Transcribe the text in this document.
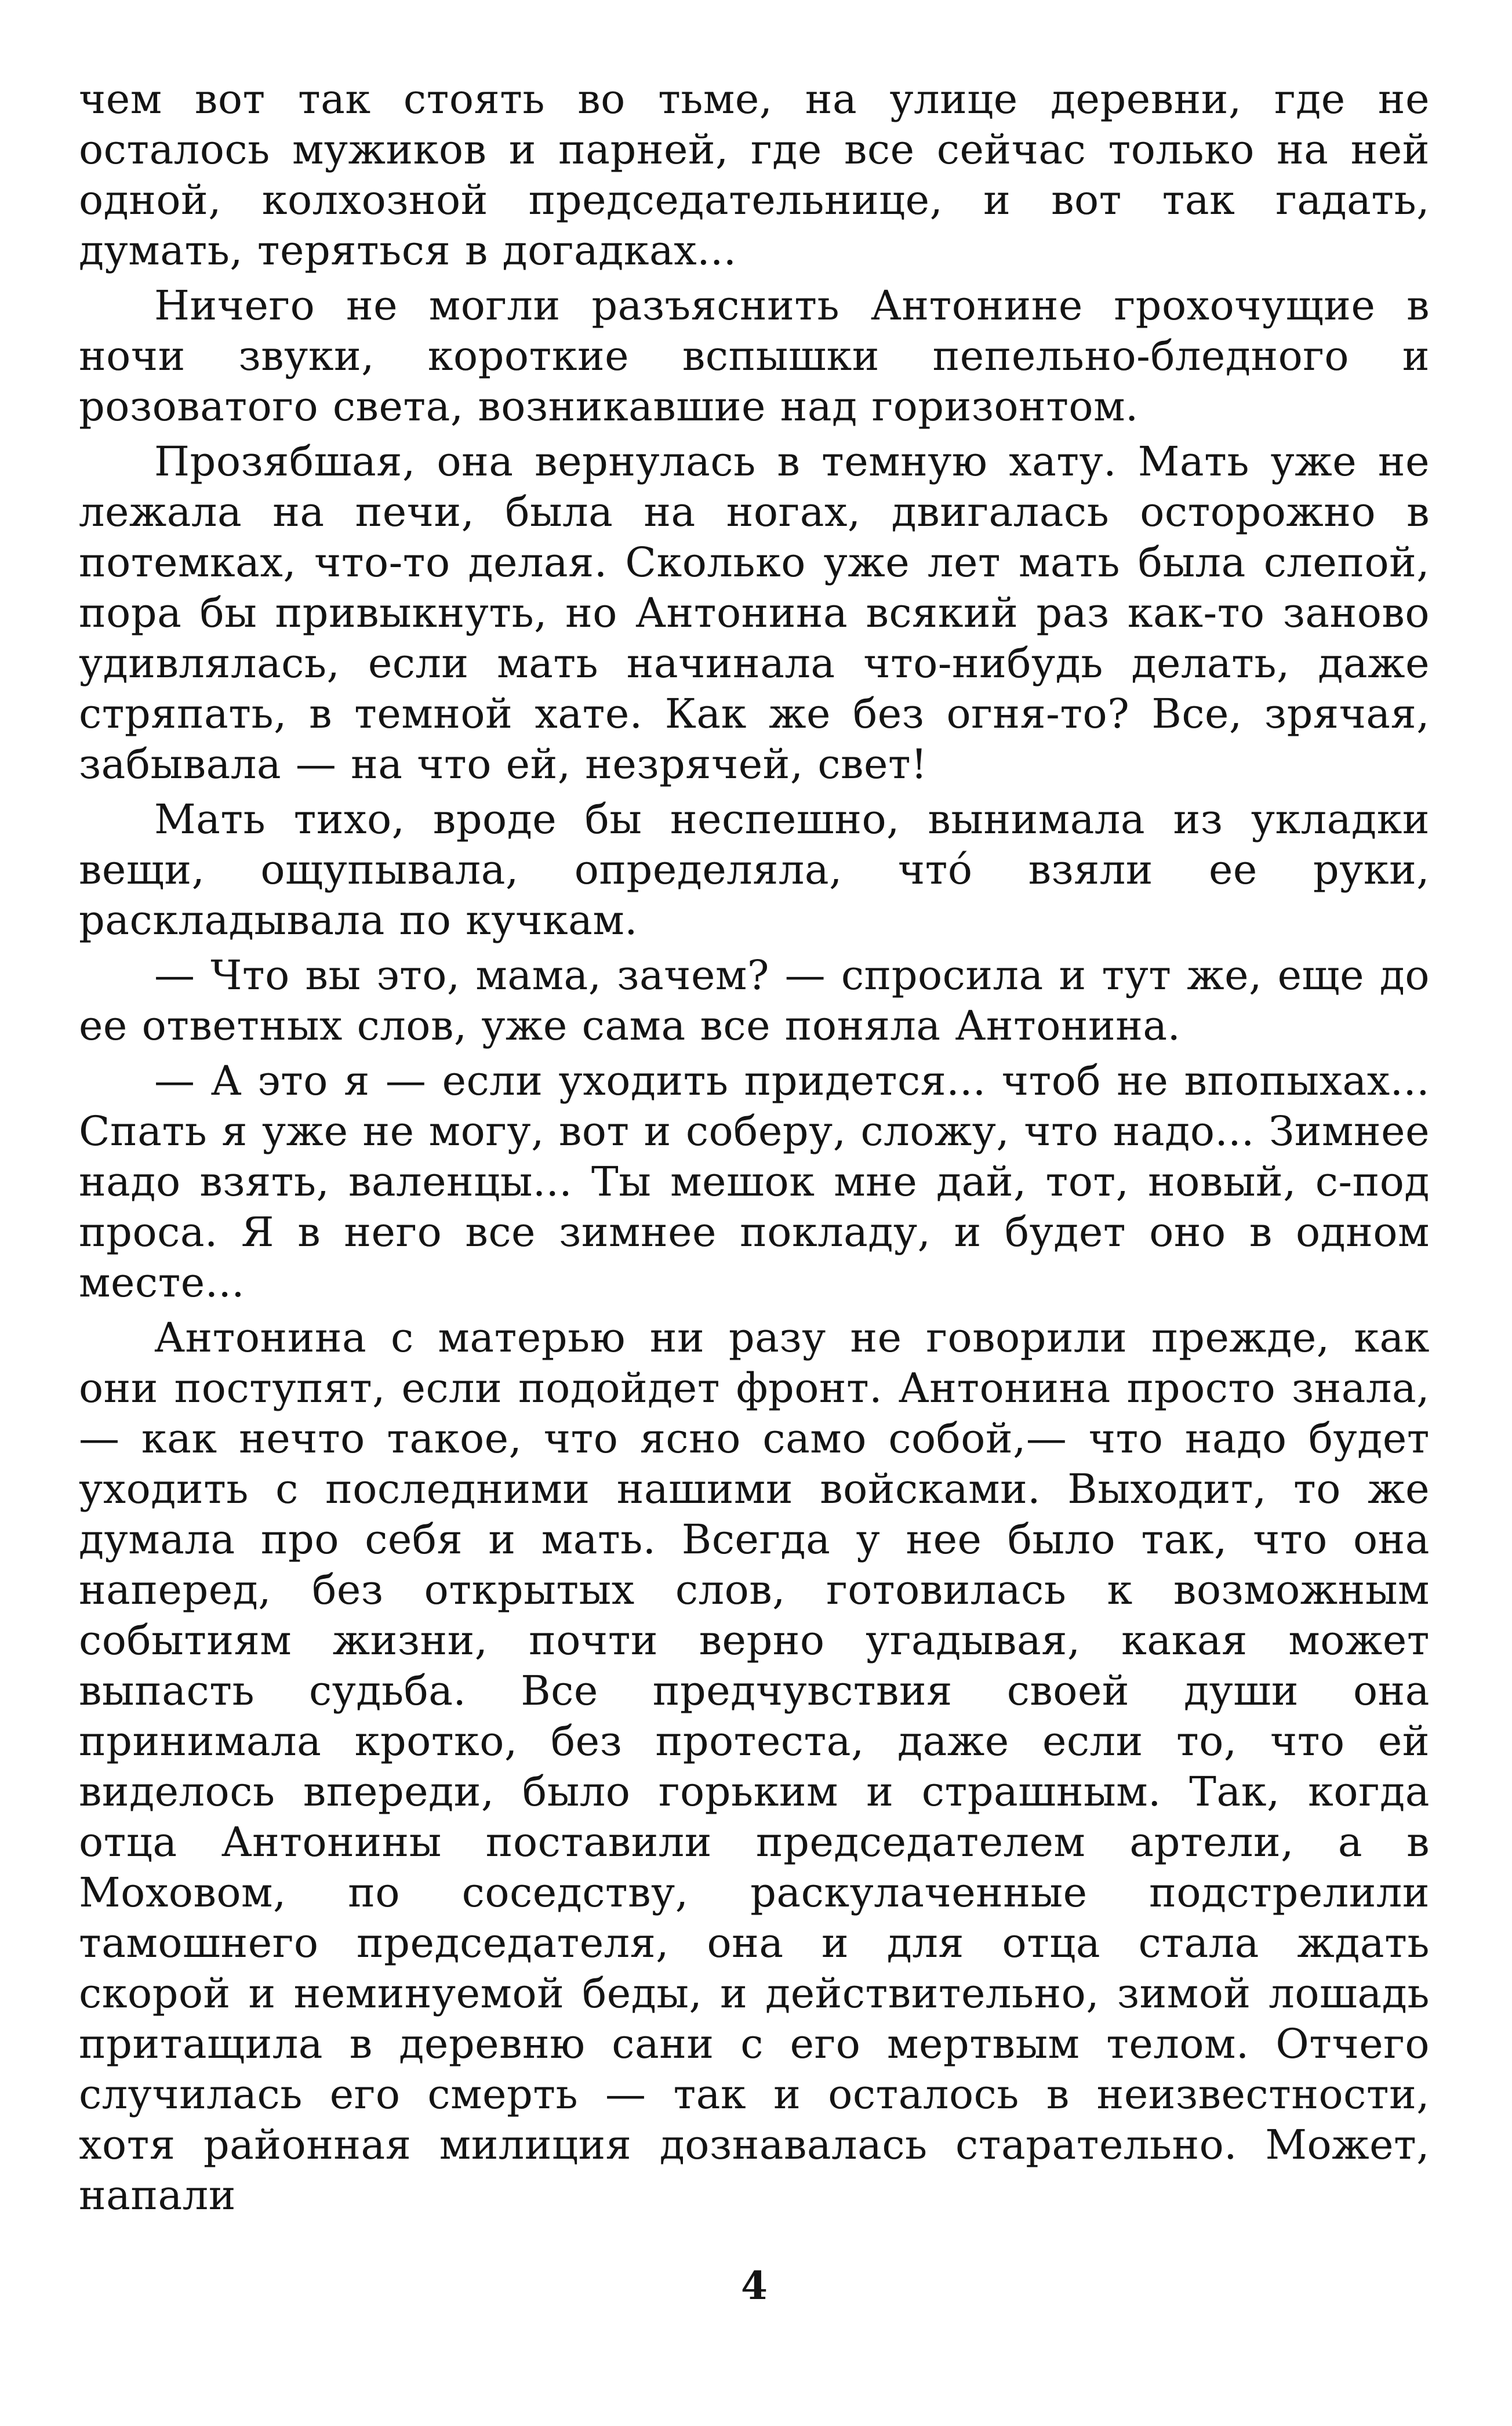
чем вот так стоять во тьме, на улице деревни, где не осталось мужиков и парней, где все сейчас только на ней одной, колхозной председательнице, и вот так гадать, думать, теряться в догадках...

Ничего не могли разъяснить Антонине грохочущие в ночи звуки, короткие вспышки пепельно-бледного и розоватого света, возникавшие над горизонтом.

Прозябшая, она вернулась в темную хату. Мать уже не лежала на печи, была на ногах, двигалась осторожно в потемках, что-то делая. Сколько уже лет мать была слепой, пора бы привыкнуть, но Антонина всякий раз как-то заново удивлялась, если мать начинала что-нибудь делать, даже стряпать, в темной хате. Как же без огня-то? Все, зрячая, забывала — на что ей, незрячей, свет!

Мать тихо, вроде бы неспешно, вынимала из укладки вещи, ощупывала, определяла, что́ взяли ее руки, раскладывала по кучкам.

— Что вы это, мама, зачем? — спросила и тут же, еще до ее ответных слов, уже сама все поняла Антонина.

— А это я — если уходить придется... чтоб не впопыхах... Спать я уже не могу, вот и соберу, сложу, что надо... Зимнее надо взять, валенцы... Ты мешок мне дай, тот, новый, с-под проса. Я в него все зимнее покладу, и будет оно в одном месте...

Антонина с матерью ни разу не говорили прежде, как они поступят, если подойдет фронт. Антонина просто знала,— как нечто такое, что ясно само собой,— что надо будет уходить с последними нашими войсками. Выходит, то же думала про себя и мать. Всегда у нее было так, что она наперед, без открытых слов, готовилась к возможным событиям жизни, почти верно угадывая, какая может выпасть судьба. Все предчувствия своей души она принимала кротко, без протеста, даже если то, что ей виделось впереди, было горьким и страшным. Так, когда отца Антонины поставили председателем артели, а в Моховом, по соседству, раскулаченные подстрелили тамошнего председателя, она и для отца стала ждать скорой и неминуемой беды, и действительно, зимой лошадь притащила в деревню сани с его мертвым телом. Отчего случилась его смерть — так и осталось в неизвестности, хотя районная милиция дознавалась старательно. Может, напали

4
